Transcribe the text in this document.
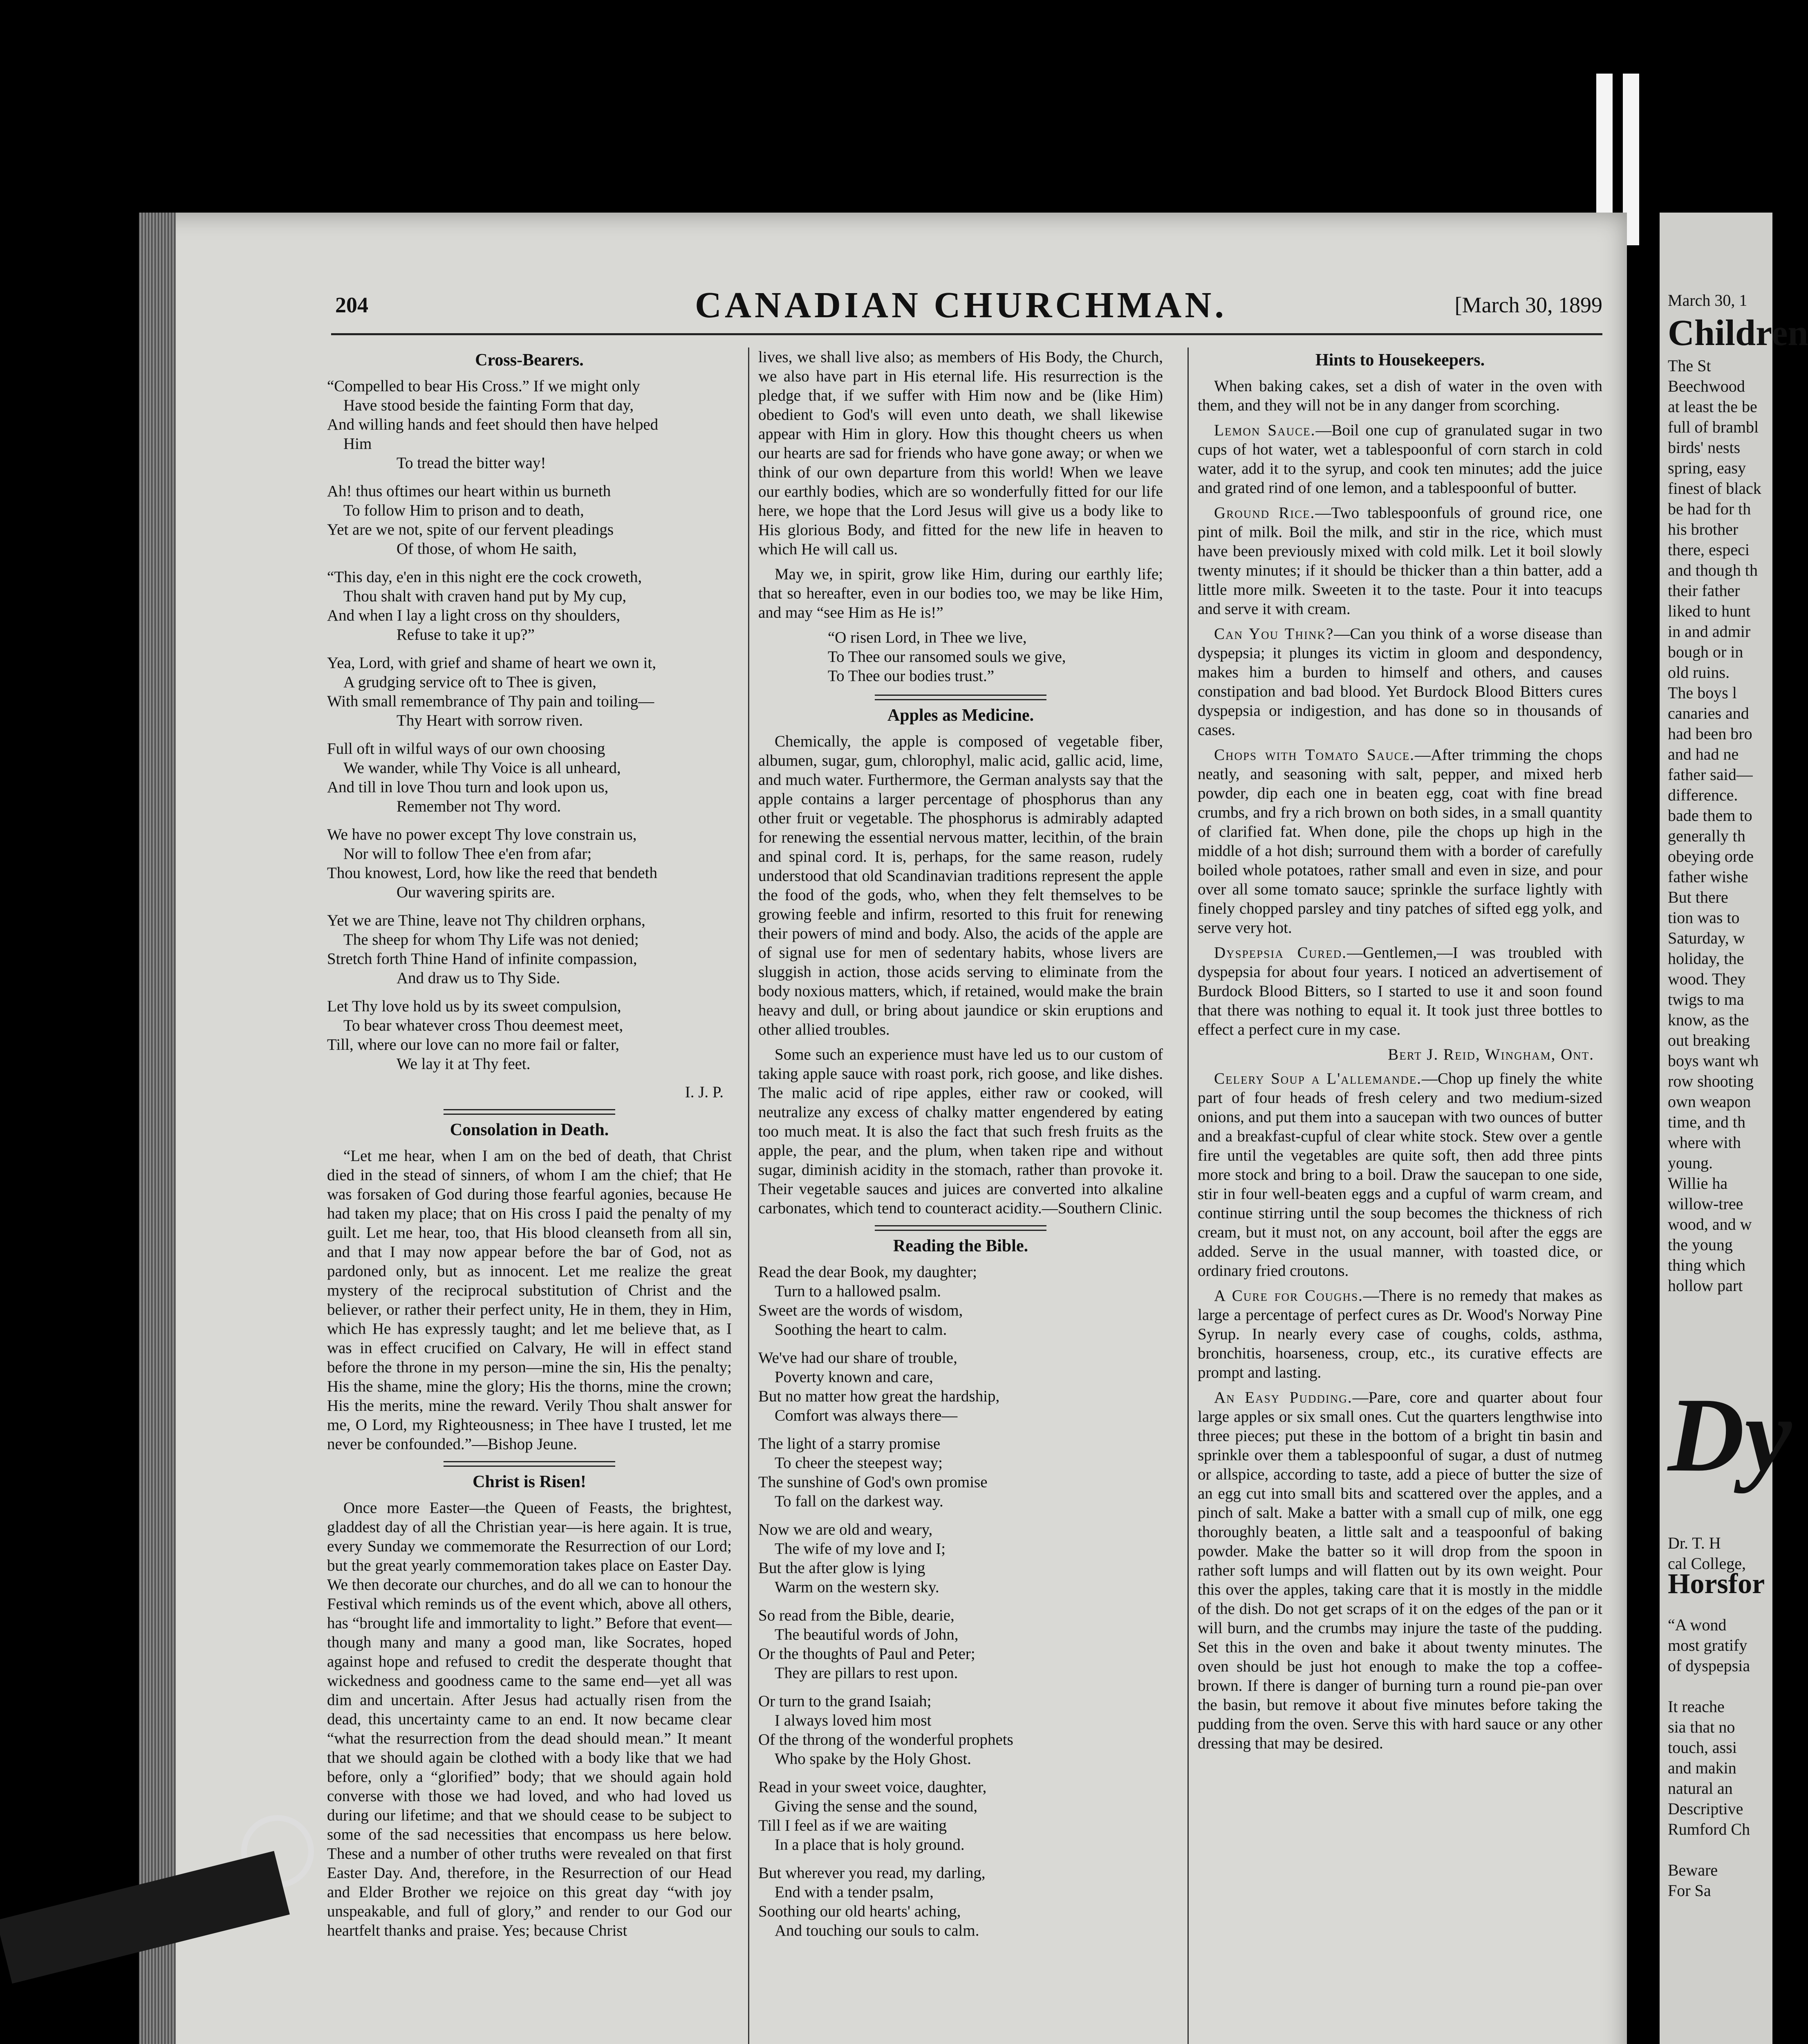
204	CANADIAN CHURCHMAN.	[March 30, 1899
Cross-Bearers.
“Compelled to bear His Cross.” If we might only
Have stood beside the fainting Form that day,
And willing hands and feet should then have helped
Him
To tread the bitter way!
Ah! thus oftimes our heart within us burneth
To follow Him to prison and to death,
Yet are we not, spite of our fervent pleadings
Of those, of whom He saith,
“This day, e'en in this night ere the cock croweth,
Thou shalt with craven hand put by My cup,
And when I lay a light cross on thy shoulders,
Refuse to take it up?”
Yea, Lord, with grief and shame of heart we own it,
A grudging service oft to Thee is given,
With small remembrance of Thy pain and toiling—
Thy Heart with sorrow riven.
Full oft in wilful ways of our own choosing
We wander, while Thy Voice is all unheard,
And till in love Thou turn and look upon us,
Remember not Thy word.
We have no power except Thy love constrain us,
Nor will to follow Thee e'en from afar;
Thou knowest, Lord, how like the reed that bendeth
Our wavering spirits are.
Yet we are Thine, leave not Thy children orphans,
The sheep for whom Thy Life was not denied;
Stretch forth Thine Hand of infinite compassion,
And draw us to Thy Side.
Let Thy love hold us by its sweet compulsion,
To bear whatever cross Thou deemest meet,
Till, where our love can no more fail or falter,
We lay it at Thy feet.
I. J. P.
Consolation in Death.

“Let me hear, when I am on the bed of death, that Christ died in the stead of sinners, of whom I am the chief; that He was forsaken of God during those fearful agonies, because He had taken my place; that on His cross I paid the penalty of my guilt. Let me hear, too, that His blood cleanseth from all sin, and that I may now appear before the bar of God, not as pardoned only, but as innocent. Let me realize the great mystery of the reciprocal substitution of Christ and the believer, or rather their perfect unity, He in them, they in Him, which He has expressly taught; and let me believe that, as I was in effect crucified on Calvary, He will in effect stand before the throne in my person—mine the sin, His the penalty; His the shame, mine the glory; His the thorns, mine the crown; His the merits, mine the reward. Verily Thou shalt answer for me, O Lord, my Righteousness; in Thee have I trusted, let me never be confounded.”—Bishop Jeune.

Christ is Risen!

Once more Easter—the Queen of Feasts, the brightest, gladdest day of all the Christian year—is here again. It is true, every Sunday we commemorate the Resurrection of our Lord; but the great yearly commemoration takes place on Easter Day. We then decorate our churches, and do all we can to honour the Festival which reminds us of the event which, above all others, has “brought life and immortality to light.” Before that event—though many and many a good man, like Socrates, hoped against hope and refused to credit the desperate thought that wickedness and goodness came to the same end—yet all was dim and uncertain. After Jesus had actually risen from the dead, this uncertainty came to an end. It now became clear “what the resurrection from the dead should mean.” It meant that we should again be clothed with a body like that we had before, only a “glorified” body; that we should again hold converse with those we had loved, and who had loved us during our lifetime; and that we should cease to be subject to some of the sad necessities that encompass us here below. These and a number of other truths were revealed on that first Easter Day. And, therefore, in the Resurrection of our Head and Elder Brother we rejoice on this great day “with joy unspeakable, and full of glory,” and render to our God our heartfelt thanks and praise. Yes; because Christ

lives, we shall live also; as members of His Body, the Church, we also have part in His eternal life. His resurrection is the pledge that, if we suffer with Him now and be (like Him) obedient to God's will even unto death, we shall likewise appear with Him in glory. How this thought cheers us when our hearts are sad for friends who have gone away; or when we think of our own departure from this world! When we leave our earthly bodies, which are so wonderfully fitted for our life here, we hope that the Lord Jesus will give us a body like to His glorious Body, and fitted for the new life in heaven to which He will call us.

May we, in spirit, grow like Him, during our earthly life; that so hereafter, even in our bodies too, we may be like Him, and may “see Him as He is!”

“O risen Lord, in Thee we live,
To Thee our ransomed souls we give,
To Thee our bodies trust.”
Apples as Medicine.

Chemically, the apple is composed of vegetable fiber, albumen, sugar, gum, chlorophyl, malic acid, gallic acid, lime, and much water. Furthermore, the German analysts say that the apple contains a larger percentage of phosphorus than any other fruit or vegetable. The phosphorus is admirably adapted for renewing the essential nervous matter, lecithin, of the brain and spinal cord. It is, perhaps, for the same reason, rudely understood that old Scandinavian traditions represent the apple the food of the gods, who, when they felt themselves to be growing feeble and infirm, resorted to this fruit for renewing their powers of mind and body. Also, the acids of the apple are of signal use for men of sedentary habits, whose livers are sluggish in action, those acids serving to eliminate from the body noxious matters, which, if retained, would make the brain heavy and dull, or bring about jaundice or skin eruptions and other allied troubles.

Some such an experience must have led us to our custom of taking apple sauce with roast pork, rich goose, and like dishes. The malic acid of ripe apples, either raw or cooked, will neutralize any excess of chalky matter engendered by eating too much meat. It is also the fact that such fresh fruits as the apple, the pear, and the plum, when taken ripe and without sugar, diminish acidity in the stomach, rather than provoke it. Their vegetable sauces and juices are converted into alkaline carbonates, which tend to counteract acidity.—Southern Clinic.

Reading the Bible.
Read the dear Book, my daughter;
Turn to a hallowed psalm.
Sweet are the words of wisdom,
Soothing the heart to calm.
We've had our share of trouble,
Poverty known and care,
But no matter how great the hardship,
Comfort was always there—
The light of a starry promise
To cheer the steepest way;
The sunshine of God's own promise
To fall on the darkest way.
Now we are old and weary,
The wife of my love and I;
But the after glow is lying
Warm on the western sky.
So read from the Bible, dearie,
The beautiful words of John,
Or the thoughts of Paul and Peter;
They are pillars to rest upon.
Or turn to the grand Isaiah;
I always loved him most
Of the throng of the wonderful prophets
Who spake by the Holy Ghost.
Read in your sweet voice, daughter,
Giving the sense and the sound,
Till I feel as if we are waiting
In a place that is holy ground.
But wherever you read, my darling,
End with a tender psalm,
Soothing our old hearts' aching,
And touching our souls to calm.
Hints to Housekeepers.

When baking cakes, set a dish of water in the oven with them, and they will not be in any danger from scorching.

Lemon Sauce.—Boil one cup of granulated sugar in two cups of hot water, wet a tablespoonful of corn starch in cold water, add it to the syrup, and cook ten minutes; add the juice and grated rind of one lemon, and a tablespoonful of butter.

Ground Rice.—Two tablespoonfuls of ground rice, one pint of milk. Boil the milk, and stir in the rice, which must have been previously mixed with cold milk. Let it boil slowly twenty minutes; if it should be thicker than a thin batter, add a little more milk. Sweeten it to the taste. Pour it into teacups and serve it with cream.

Can You Think?—Can you think of a worse disease than dyspepsia; it plunges its victim in gloom and despondency, makes him a burden to himself and others, and causes constipation and bad blood. Yet Burdock Blood Bitters cures dyspepsia or indigestion, and has done so in thousands of cases.

Chops with Tomato Sauce.—After trimming the chops neatly, and seasoning with salt, pepper, and mixed herb powder, dip each one in beaten egg, coat with fine bread crumbs, and fry a rich brown on both sides, in a small quantity of clarified fat. When done, pile the chops up high in the middle of a hot dish; surround them with a border of carefully boiled whole potatoes, rather small and even in size, and pour over all some tomato sauce; sprinkle the surface lightly with finely chopped parsley and tiny patches of sifted egg yolk, and serve very hot.

Dyspepsia Cured.—Gentlemen,—I was troubled with dyspepsia for about four years. I noticed an advertisement of Burdock Blood Bitters, so I started to use it and soon found that there was nothing to equal it. It took just three bottles to effect a perfect cure in my case.

Bert J. Reid, Wingham, Ont.

Celery Soup a L'allemande.—Chop up finely the white part of four heads of fresh celery and two medium-sized onions, and put them into a saucepan with two ounces of butter and a breakfast-cupful of clear white stock. Stew over a gentle fire until the vegetables are quite soft, then add three pints more stock and bring to a boil. Draw the saucepan to one side, stir in four well-beaten eggs and a cupful of warm cream, and continue stirring until the soup becomes the thickness of rich cream, but it must not, on any account, boil after the eggs are added. Serve in the usual manner, with toasted dice, or ordinary fried croutons.

A Cure for Coughs.—There is no remedy that makes as large a percentage of perfect cures as Dr. Wood's Norway Pine Syrup. In nearly every case of coughs, colds, asthma, bronchitis, hoarseness, croup, etc., its curative effects are prompt and lasting.

An Easy Pudding.—Pare, core and quarter about four large apples or six small ones. Cut the quarters lengthwise into three pieces; put these in the bottom of a bright tin basin and sprinkle over them a tablespoonful of sugar, a dust of nutmeg or allspice, according to taste, add a piece of butter the size of an egg cut into small bits and scattered over the apples, and a pinch of salt. Make a batter with a small cup of milk, one egg thoroughly beaten, a little salt and a teaspoonful of baking powder. Make the batter so it will drop from the spoon in rather soft lumps and will flatten out by its own weight. Pour this over the apples, taking care that it is mostly in the middle of the dish. Do not get scraps of it on the edges of the pan or it will burn, and the crumbs may injure the taste of the pudding. Set this in the oven and bake it about twenty minutes. The oven should be just hot enough to make the top a coffee-brown. If there is danger of burning turn a round pie-pan over the basin, but remove it about five minutes before taking the pudding from the oven. Serve this with hard sauce or any other dressing that may be desired.

March 30, 1
Children
The St
Beechwood
at least the be
full of brambl
birds' nests
spring, easy
finest of black
be had for th
his brother
there, especi
and though th
their father
liked to hunt
in and admir
bough or in
old ruins.
The boys l
canaries and
had been bro
and had ne
father said—
difference.
bade them to
generally th
obeying orde
father wishe
But there
tion was to
Saturday, w
holiday, the
wood. They
twigs to ma
know, as the
out breaking
boys want wh
row shooting
own weapon
time, and th
where with
young.
Willie ha
willow-tree
wood, and w
the young
thing which
hollow part

Dy

Dr. T. H
cal College,
Horsfor

“A wond
most gratify
of dyspepsia

It reache
sia that no
touch, assi
and makin
natural an
Descriptive
Rumford Ch

Beware
For Sa
